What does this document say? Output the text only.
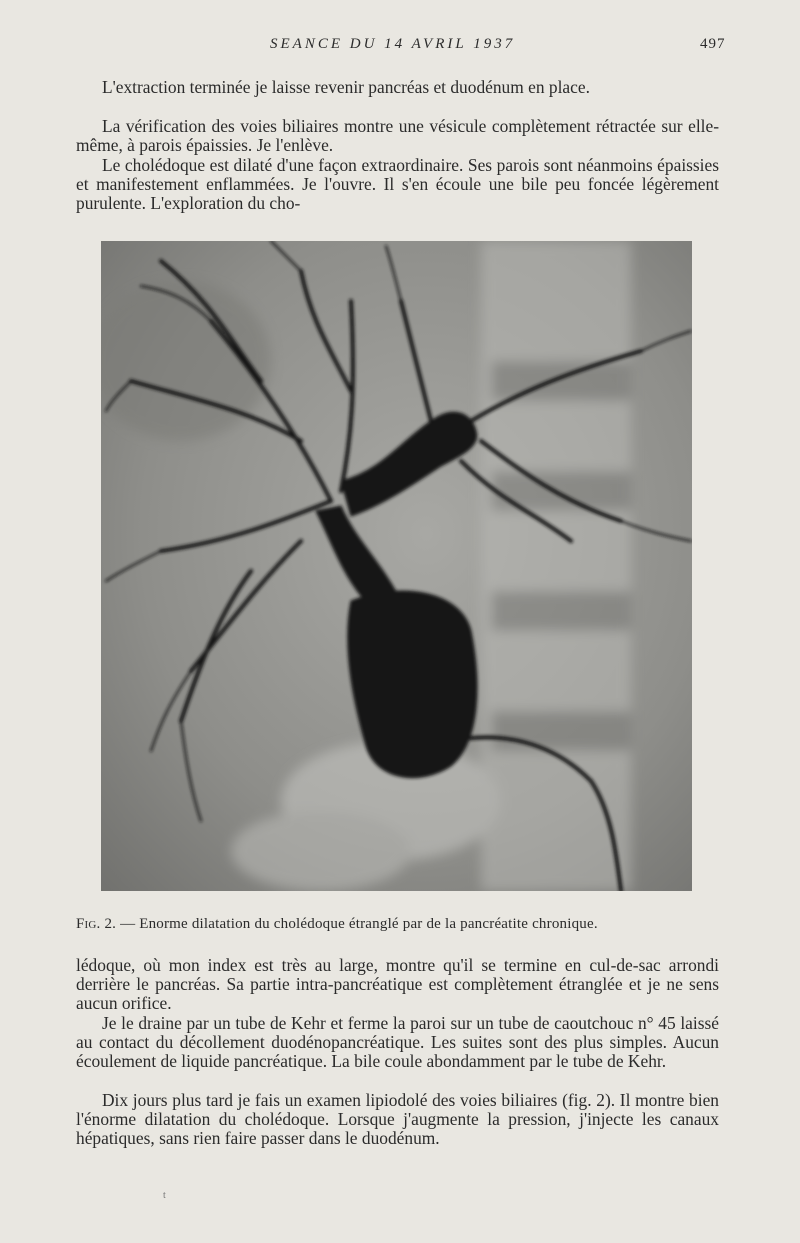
SEANCE DU 14 AVRIL 1937	497

L'extraction terminée je laisse revenir pancréas et duodénum en place.

La vérification des voies biliaires montre une vésicule complètement rétractée sur elle-même, à parois épaissies. Je l'enlève.

Le cholédoque est dilaté d'une façon extraordinaire. Ses parois sont néanmoins épaissies et manifestement enflammées. Je l'ouvre. Il s'en écoule une bile peu foncée légèrement purulente. L'exploration du cho-

Fig. 2. — Enorme dilatation du cholédoque étranglé par de la pancréatite chronique.

lédoque, où mon index est très au large, montre qu'il se termine en cul-de-sac arrondi derrière le pancréas. Sa partie intra-pancréatique est complètement étranglée et je ne sens aucun orifice.

Je le draine par un tube de Kehr et ferme la paroi sur un tube de caoutchouc n° 45 laissé au contact du décollement duodénopancréatique. Les suites sont des plus simples. Aucun écoulement de liquide pancréatique. La bile coule abondamment par le tube de Kehr.

Dix jours plus tard je fais un examen lipiodolé des voies biliaires (fig. 2). Il montre bien l'énorme dilatation du cholédoque. Lorsque j'augmente la pression, j'injecte les canaux hépatiques, sans rien faire passer dans le duodénum.

t
